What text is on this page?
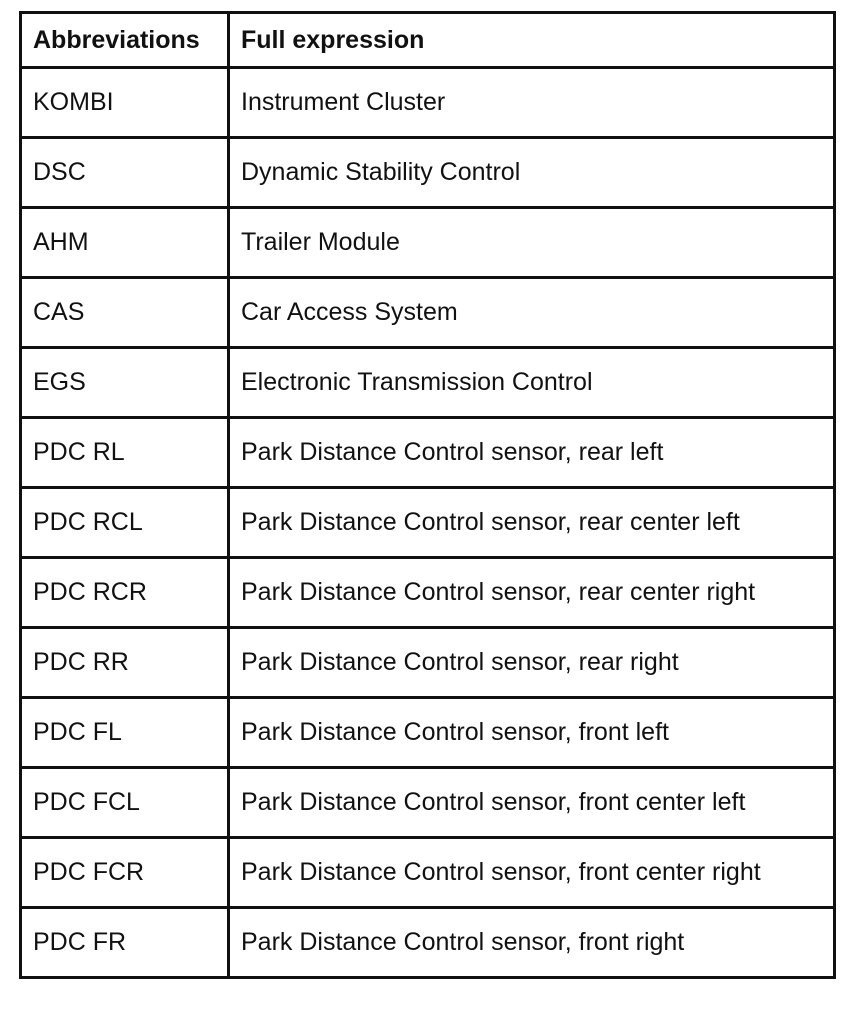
Abbreviations	Full expression
KOMBI	Instrument Cluster
DSC	Dynamic Stability Control
AHM	Trailer Module
CAS	Car Access System
EGS	Electronic Transmission Control
PDC RL	Park Distance Control sensor, rear left
PDC RCL	Park Distance Control sensor, rear center left
PDC RCR	Park Distance Control sensor, rear center right
PDC RR	Park Distance Control sensor, rear right
PDC FL	Park Distance Control sensor, front left
PDC FCL	Park Distance Control sensor, front center left
PDC FCR	Park Distance Control sensor, front center right
PDC FR	Park Distance Control sensor, front right
